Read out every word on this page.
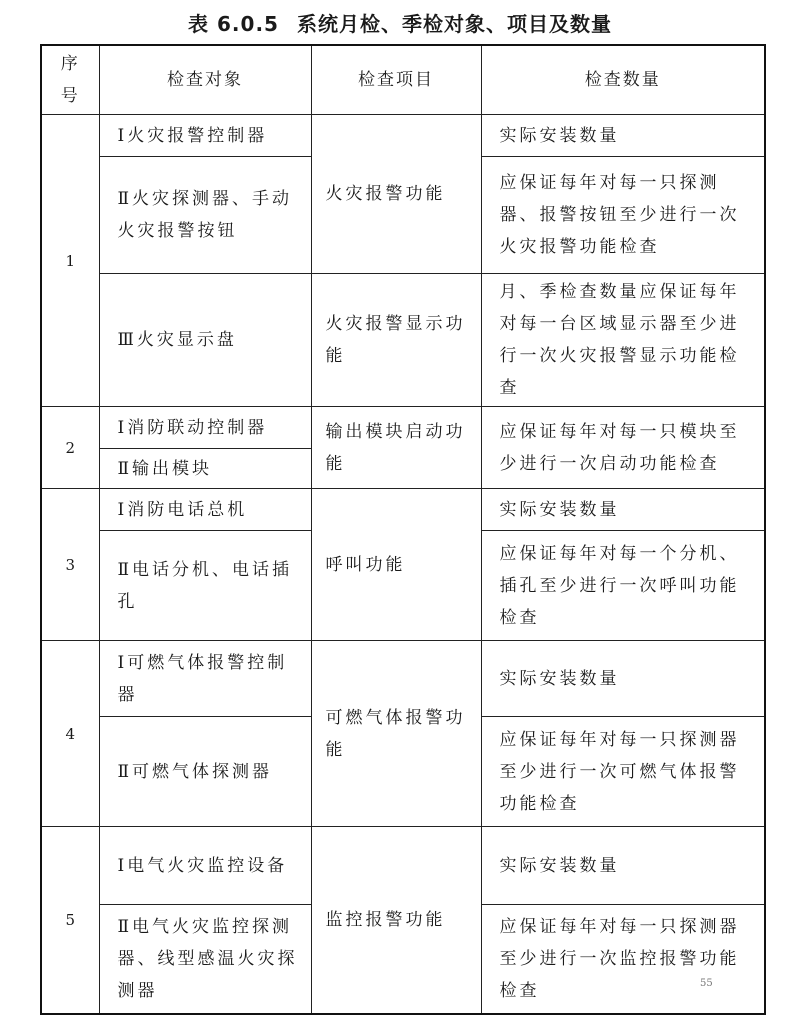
表 6.0.5 系统月检、季检对象、项目及数量
序号	检查对象	检查项目	检查数量
1	Ⅰ火灾报警控制器	火灾报警功能	实际安装数量
	Ⅱ火灾探测器、手动火灾报警按钮		应保证每年对每一只探测器、报警按钮至少进行一次火灾报警功能检查
	Ⅲ火灾显示盘	火灾报警显示功能	月、季检查数量应保证每年对每一台区域显示器至少进行一次火灾报警显示功能检查
2	Ⅰ消防联动控制器	输出模块启动功能	应保证每年对每一只模块至少进行一次启动功能检查
	Ⅱ输出模块		
3	Ⅰ消防电话总机	呼叫功能	实际安装数量
	Ⅱ电话分机、电话插孔		应保证每年对每一个分机、插孔至少进行一次呼叫功能检查
4	Ⅰ可燃气体报警控制器	可燃气体报警功能	实际安装数量
	Ⅱ可燃气体探测器		应保证每年对每一只探测器至少进行一次可燃气体报警功能检查
5	Ⅰ电气火灾监控设备	监控报警功能	实际安装数量
	Ⅱ电气火灾监控探测器、线型感温火灾探测器		应保证每年对每一只探测器至少进行一次监控报警功能检查	55
